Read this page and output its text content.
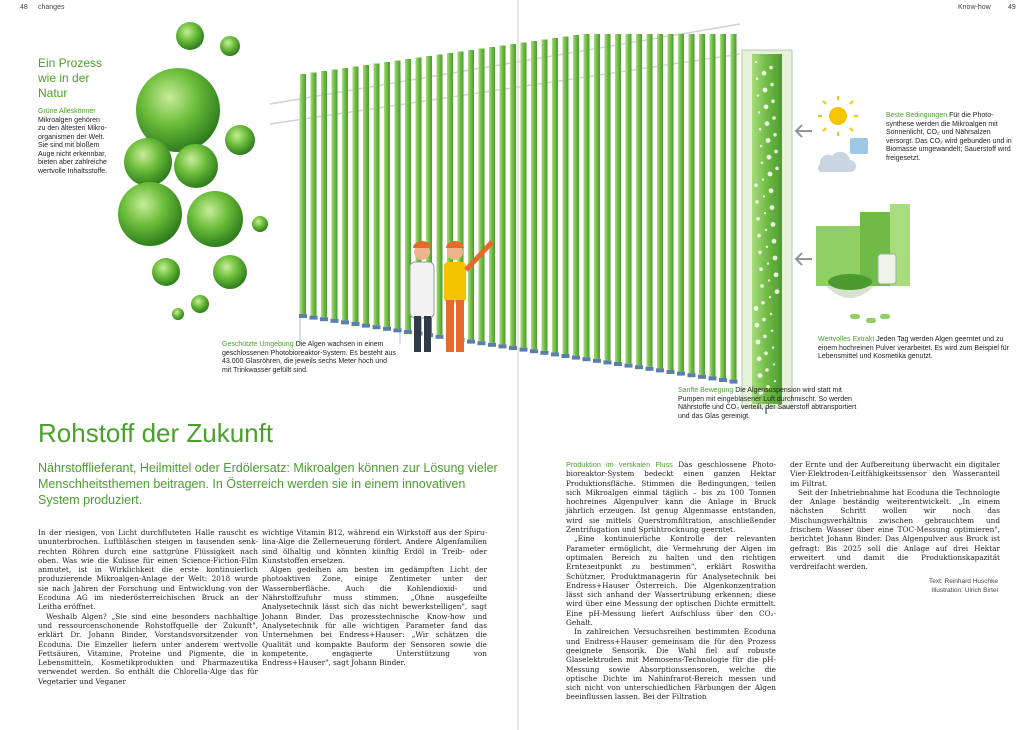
48 changes	Know-how 49
Ein Prozess
wie in der
Natur
Grüne Alleskönner
Mikroalgen gehören zu den ältesten Mikroorganismen der Welt. Sie sind mit bloßem Auge nicht erkennbar, bieten aber zahlreiche wertvolle Inhaltsstoffe.
Geschützte Umgebung Die Algen wachsen in einem geschlossenen Photobioreaktor-System. Es besteht aus 43.000 Glasröhren, die jeweils sechs Meter hoch und mit Trinkwasser gefüllt sind.
Beste Bedingungen Für die Photosynthese werden die Mikroalgen mit Sonnenlicht, CO₂ und Nährsalzen versorgt. Das CO₂ wird gebunden und in Biomasse umgewandelt; Sauerstoff wird freigesetzt.
Wertvolles Extrakt Jeden Tag werden Algen geerntet und zu einem hochreinen Pulver verarbeitet. Es wird zum Beispiel für Lebensmittel und Kosmetika genutzt.
Sanfte Bewegung Die Algensuspension wird statt mit Pumpen mit eingeblasener Luft durchmischt. So werden Nährstoffe und CO₂ verteilt, der Sauerstoff abtransportiert und das Glas gereinigt.
Rohstoff der Zukunft
Nährstofflieferant, Heilmittel oder Erdölersatz: Mikroalgen können zur Lösung vieler Menschheitsthemen beitragen. In Österreich werden sie in einem innovativen System produziert.

In der riesigen, von Licht durchfluteten Halle rauscht es ununterbrochen. Luftbläschen steigen in tausenden senkrechten Röhren durch eine sattgrüne Flüssigkeit nach oben. Was wie die Kulisse für einen Science-Fiction-Film anmutet, ist in Wirklichkeit die erste kontinuierlich produzierende Mikroalgen-Anlage der Welt: 2018 wurde sie nach Jahren der Forschung und Entwicklung von der Ecoduna AG im niederösterreichischen Bruck an der Leitha eröffnet.

Weshalb Algen? „Sie sind eine besonders nachhaltige und ressourcenschonende Rohstoffquelle der Zukunft", erklärt Dr. Johann Binder, Vorstandsvorsitzender von Ecoduna. Die Einzeller liefern unter anderem wertvolle Fettsäuren, Vitamine, Proteine und Pigmente, die in Lebensmitteln, Kosmetikprodukten und Pharmazeutika verwendet werden. So enthält die Chlorella-Alge das für Vegetarier und Veganer

wichtige Vitamin B12, während ein Wirkstoff aus der Spirulina-Alge die Zellerneuerung fördert. Andere Algenfamilien sind ölhaltig und könnten künftig Erdöl in Treib- oder Kunststoffen ersetzen.

Algen gedeihen am besten im gedämpften Licht der photoaktiven Zone, einige Zentimeter unter der Wasseroberfläche. Auch die Kohlendioxid- und Nährstoffzufuhr muss stimmen. „Ohne ausgefeilte Analysetechnik lässt sich das nicht bewerkstelligen", sagt Johann Binder. Das prozesstechnische Know-how und Analysetechnik für alle wichtigen Parameter fand das Unternehmen bei Endress+Hauser: „Wir schätzen die Qualität und kompakte Bauform der Sensoren sowie die kompetente, engagierte Unterstützung von Endress+Hauser", sagt Johann Binder.

Produktion im vertikalen Fluss Das geschlossene Photobioreaktor-System bedeckt einen ganzen Hektar Produktionsfläche. Stimmen die Bedingungen, teilen sich Mikroalgen einmal täglich – bis zu 100 Tonnen hochreines Algenpulver kann die Anlage in Bruck jährlich erzeugen. Ist genug Algenmasse entstanden, wird sie mittels Querstromfiltration, anschließender Zentrifugation und Sprühtrocknung geerntet.

„Eine kontinuierliche Kontrolle der relevanten Parameter ermöglicht, die Vermehrung der Algen im optimalen Bereich zu halten und den richtigen Ernteзeitpunkt zu bestimmen", erklärt Roswitha Schützner, Produktmanagerin für Analysetechnik bei Endress+Hauser Österreich. Die Algenkonzentration lässt sich anhand der Wassertrübung erkennen; diese wird über eine Messung der optischen Dichte ermittelt. Eine pH-Messung liefert Aufschluss über den CO₂-Gehalt.

In zahlreichen Versuchsreihen bestimmten Ecoduna und Endress+Hauser gemeinsam die für den Prozess geeignete Sensorik. Die Wahl fiel auf robuste Glaselektroden mit Memosens-Technologie für die pH-Messung sowie Absorptionssensoren, welche die optische Dichte im Nahinfrarot-Bereich messen und sich nicht von unterschiedlichen Färbungen der Algen beeinflussen lassen. Bei der Filtration

der Ernte und der Aufbereitung überwacht ein digitaler Vier-Elektroden-Leitfähigkeitssensor den Wasseranteil im Filtrat.

Seit der Inbetriebnahme hat Ecoduna die Technologie der Anlage beständig weiterentwickelt. „In einem nächsten Schritt wollen wir noch das Mischungsverhältnis zwischen gebrauchtem und frischem Wasser über eine TOC-Messung optimieren", berichtet Johann Binder. Das Algenpulver aus Bruck ist gefragt: Bis 2025 soll die Anlage auf drei Hektar erweitert und damit die Produktionskapazität verdreifacht werden.

Text: Reinhard Huschke
Illustration: Ulrich Birtel
